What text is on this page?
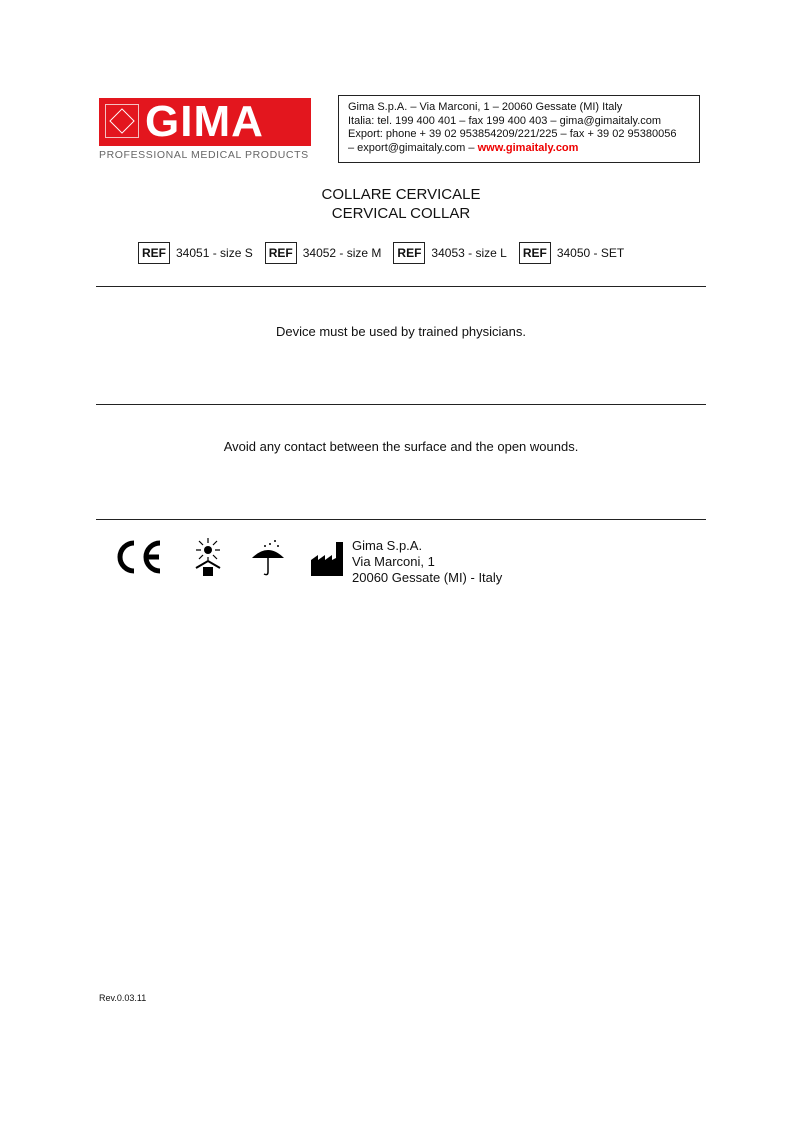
GIMA
PROFESSIONAL MEDICAL PRODUCTS
Gima S.p.A. – Via Marconi, 1 – 20060 Gessate (MI) Italy
Italia: tel. 199 400 401 – fax 199 400 403 – gima@gimaitaly.com
Export: phone + 39 02 953854209/221/225 – fax + 39 02 95380056
– export@gimaitaly.com – www.gimaitaly.com
COLLARE CERVICALE
CERVICAL COLLAR
REF 34051 - size S	REF 34052 - size M	REF 34053 - size L	REF 34050 - SET
Device must be used by trained physicians.
Avoid any contact between the surface and the open wounds.
Gima S.p.A.
Via Marconi, 1
20060 Gessate (MI) - Italy
Rev.0.03.11
